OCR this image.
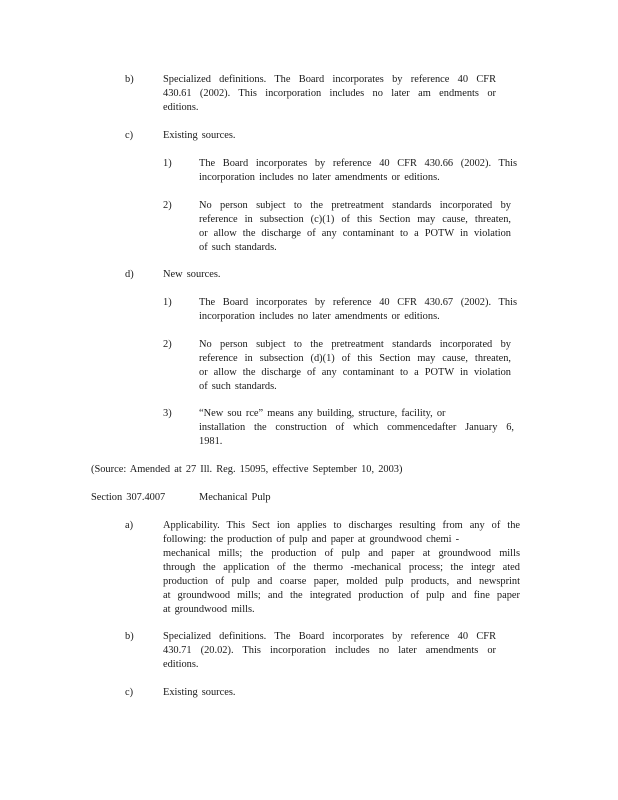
b)	Specialized definitions. The Board incorporates by reference 40 CFR
430.61 (2002). This incorporation includes no later am endments or
editions.
c)	Existing sources.
1)	The Board incorporates by reference 40 CFR 430.66 (2002). This
incorporation includes no later amendments or editions.
2)	No person subject to the pretreatment standards incorporated by
reference in subsection (c)(1) of this Section may cause, threaten,
or allow the discharge of any contaminant to a POTW in violation
of such standards.
d)	New sources.
1)	The Board incorporates by reference 40 CFR 430.67 (2002). This
incorporation includes no later amendments or editions.
2)	No person subject to the pretreatment standards incorporated by
reference in subsection (d)(1) of this Section may cause, threaten,
or allow the discharge of any contaminant to a POTW in violation
of such standards.
3)	“New sou rce” means any building, structure, facility, or
installation the construction of which commencedafter January 6,
1981.
(Source: Amended at 27 Ill. Reg. 15095, effective September 10, 2003)
Section 307.4007	Mechanical Pulp
a)	Applicability. This Sect ion applies to discharges resulting from any of the
following: the production of pulp and paper at groundwood chemi -
mechanical mills; the production of pulp and paper at groundwood mills
through the application of the thermo -mechanical process; the integr ated
production of pulp and coarse paper, molded pulp products, and newsprint
at groundwood mills; and the integrated production of pulp and fine paper
at groundwood mills.
b)	Specialized definitions. The Board incorporates by reference 40 CFR
430.71 (20.02). This incorporation includes no later amendments or
editions.
c)	Existing sources.
